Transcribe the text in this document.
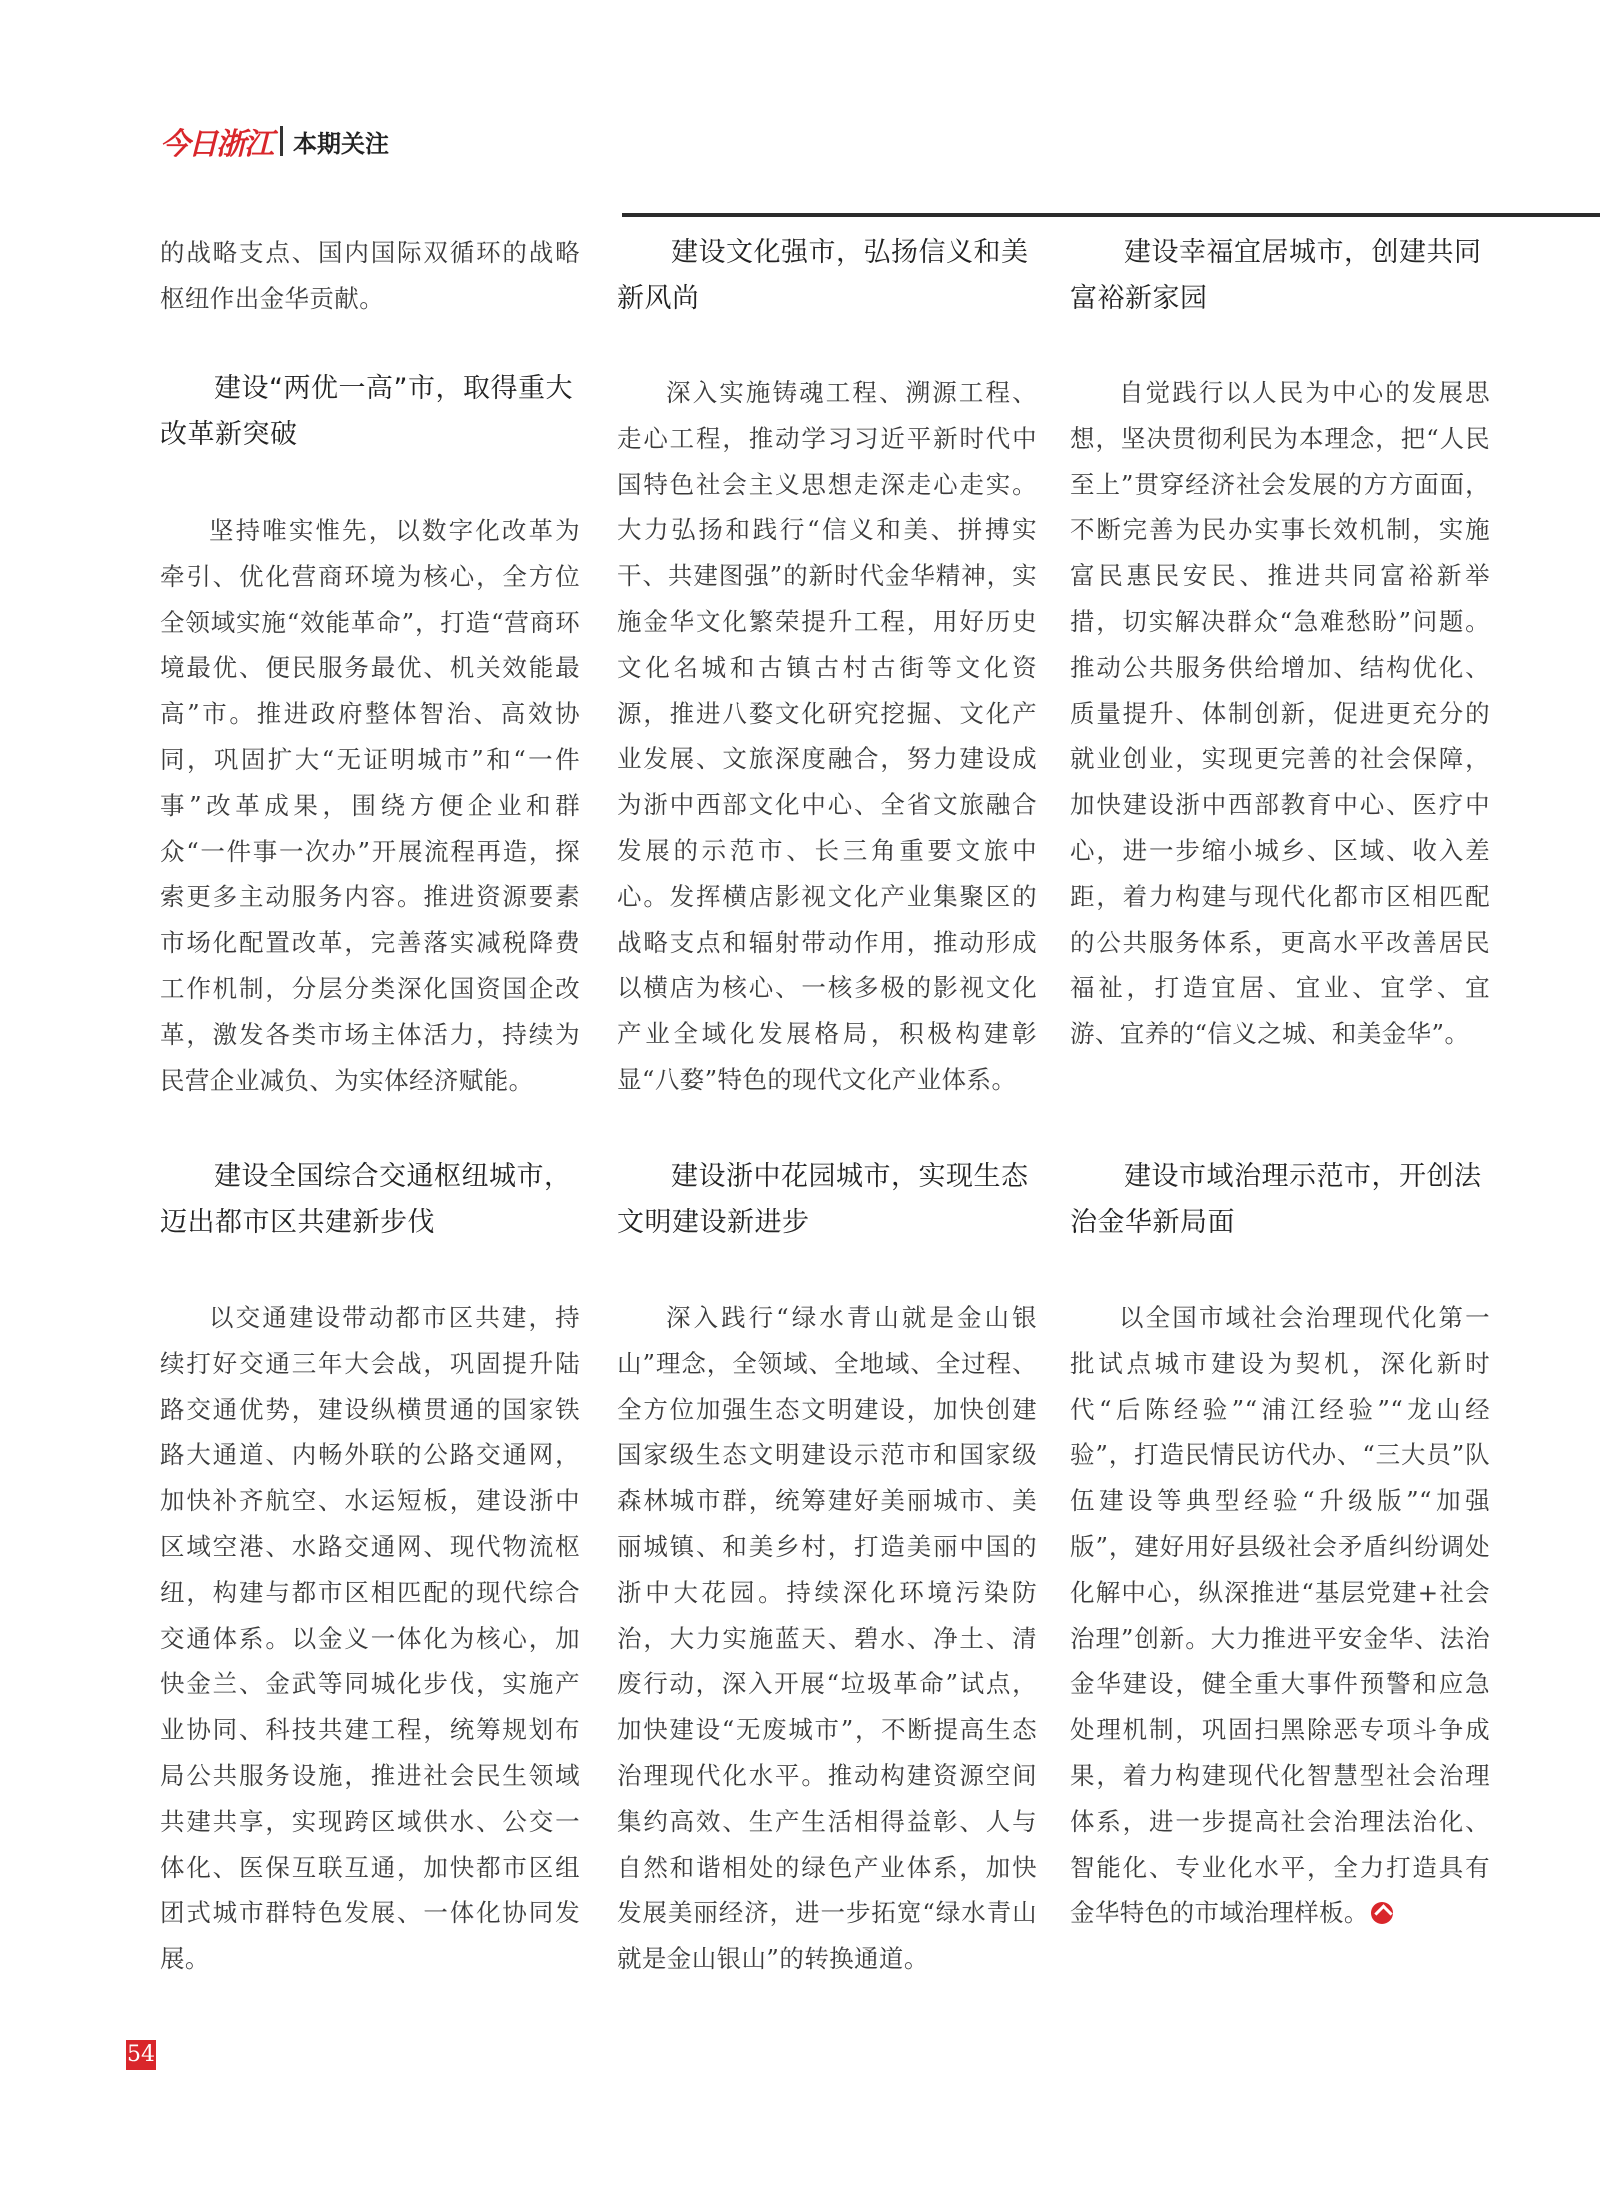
今日浙江 本期关注

的战略支点、国内国际双循环的战略枢纽作出金华贡献。

建设“两优一高”市，取得重大改革新突破

坚持唯实惟先，以数字化改革为牵引、优化营商环境为核心，全方位全领域实施“效能革命”，打造“营商环境最优、便民服务最优、机关效能最高”市。推进政府整体智治、高效协同，巩固扩大“无证明城市”和“一件事”改革成果，围绕方便企业和群众“一件事一次办”开展流程再造，探索更多主动服务内容。推进资源要素市场化配置改革，完善落实减税降费工作机制，分层分类深化国资国企改革，激发各类市场主体活力，持续为民营企业减负、为实体经济赋能。

建设全国综合交通枢纽城市，迈出都市区共建新步伐

以交通建设带动都市区共建，持续打好交通三年大会战，巩固提升陆路交通优势，建设纵横贯通的国家铁路大通道、内畅外联的公路交通网，加快补齐航空、水运短板，建设浙中区域空港、水路交通网、现代物流枢纽，构建与都市区相匹配的现代综合交通体系。以金义一体化为核心，加快金兰、金武等同城化步伐，实施产业协同、科技共建工程，统筹规划布局公共服务设施，推进社会民生领域共建共享，实现跨区域供水、公交一体化、医保互联互通，加快都市区组团式城市群特色发展、一体化协同发展。

建设文化强市，弘扬信义和美新风尚

深入实施铸魂工程、溯源工程、走心工程，推动学习习近平新时代中国特色社会主义思想走深走心走实。大力弘扬和践行“信义和美、拼搏实干、共建图强”的新时代金华精神，实施金华文化繁荣提升工程，用好历史文化名城和古镇古村古街等文化资源，推进八婺文化研究挖掘、文化产业发展、文旅深度融合，努力建设成为浙中西部文化中心、全省文旅融合发展的示范市、长三角重要文旅中心。发挥横店影视文化产业集聚区的战略支点和辐射带动作用，推动形成以横店为核心、一核多极的影视文化产业全域化发展格局，积极构建彰显“八婺”特色的现代文化产业体系。

建设浙中花园城市，实现生态文明建设新进步

深入践行“绿水青山就是金山银山”理念，全领域、全地域、全过程、全方位加强生态文明建设，加快创建国家级生态文明建设示范市和国家级森林城市群，统筹建好美丽城市、美丽城镇、和美乡村，打造美丽中国的浙中大花园。持续深化环境污染防治，大力实施蓝天、碧水、净土、清废行动，深入开展“垃圾革命”试点，加快建设“无废城市”，不断提高生态治理现代化水平。推动构建资源空间集约高效、生产生活相得益彰、人与自然和谐相处的绿色产业体系，加快发展美丽经济，进一步拓宽“绿水青山就是金山银山”的转换通道。

建设幸福宜居城市，创建共同富裕新家园

自觉践行以人民为中心的发展思想，坚决贯彻利民为本理念，把“人民至上”贯穿经济社会发展的方方面面，不断完善为民办实事长效机制，实施富民惠民安民、推进共同富裕新举措，切实解决群众“急难愁盼”问题。推动公共服务供给增加、结构优化、质量提升、体制创新，促进更充分的就业创业，实现更完善的社会保障，加快建设浙中西部教育中心、医疗中心，进一步缩小城乡、区域、收入差距，着力构建与现代化都市区相匹配的公共服务体系，更高水平改善居民福祉，打造宜居、宜业、宜学、宜游、宜养的“信义之城、和美金华”。

建设市域治理示范市，开创法治金华新局面

以全国市域社会治理现代化第一批试点城市建设为契机，深化新时代“后陈经验”“浦江经验”“龙山经验”，打造民情民访代办、“三大员”队伍建设等典型经验“升级版”“加强版”，建好用好县级社会矛盾纠纷调处化解中心，纵深推进“基层党建+社会治理”创新。大力推进平安金华、法治金华建设，健全重大事件预警和应急处理机制，巩固扫黑除恶专项斗争成果，着力构建现代化智慧型社会治理体系，进一步提高社会治理法治化、智能化、专业化水平，全力打造具有金华特色的市域治理样板。

54
